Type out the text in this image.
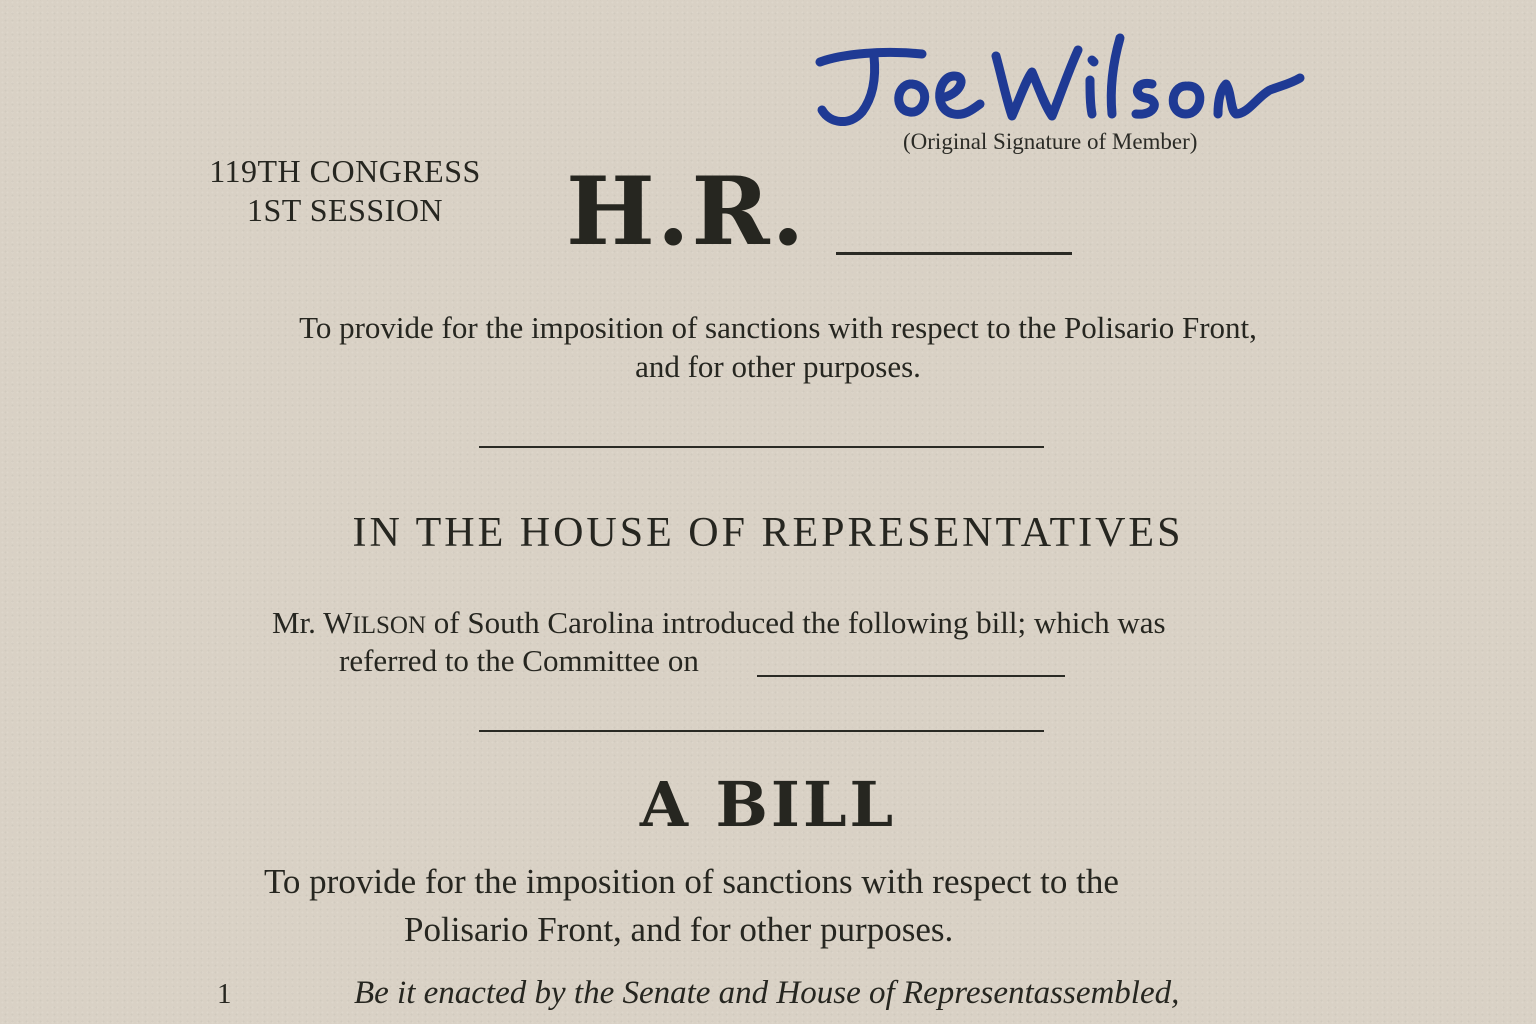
(Original Signature of Member)
119TH CONGRESS
1ST SESSION	H.R.
To provide for the imposition of sanctions with respect to the Polisario Front,
and for other purposes.
IN THE HOUSE OF REPRESENTATIVES
Mr. WILSON of South Carolina introduced the following bill; which was
referred to the Committee on
A BILL
To provide for the imposition of sanctions with respect to the
Polisario Front, and for other purposes.
1	Be it enacted by the Senate and House of Representassembled,
